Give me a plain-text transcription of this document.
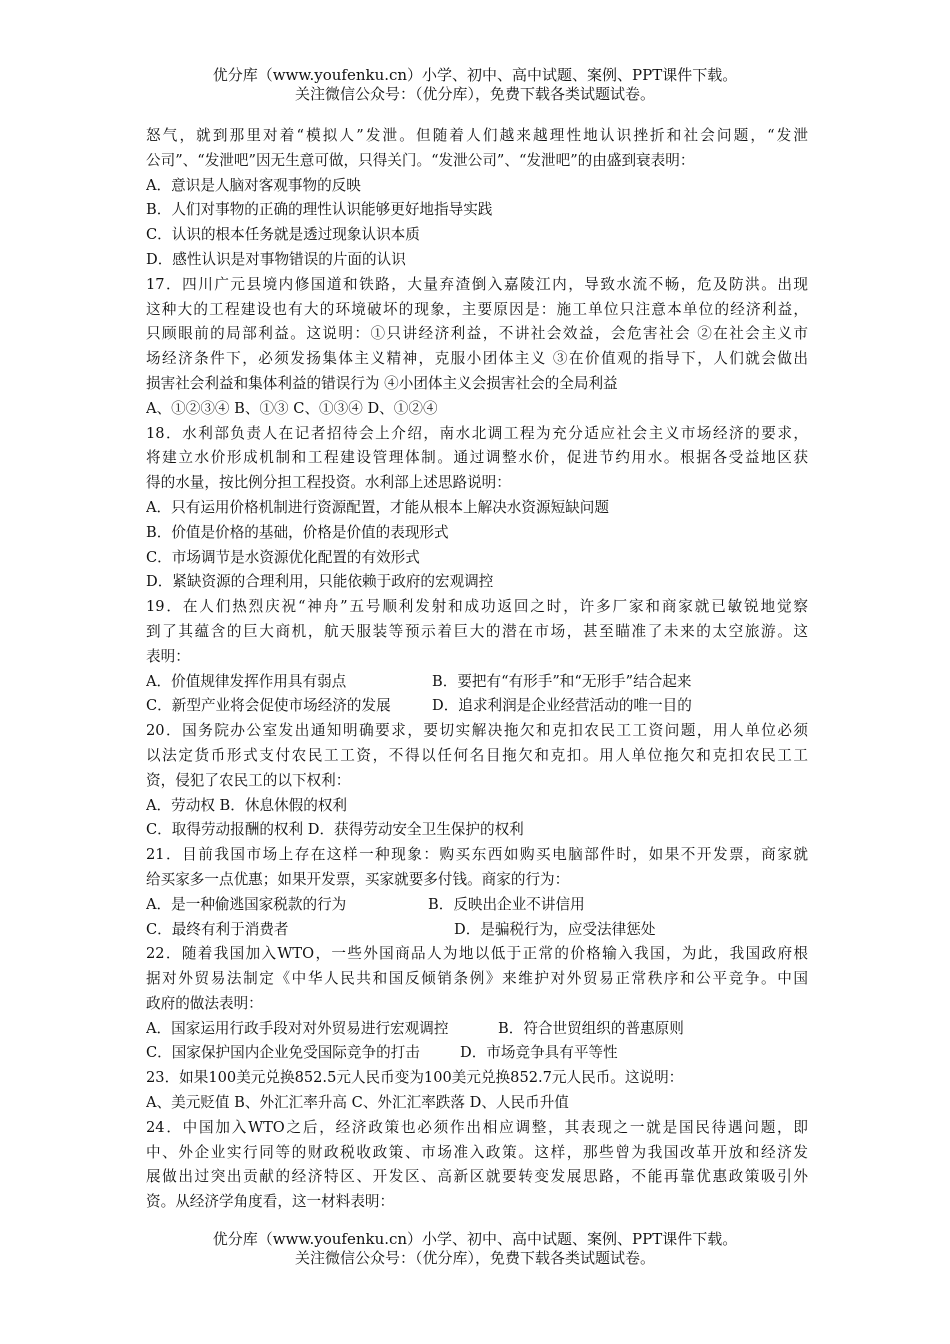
优分库（www.youfenku.cn）小学、初中、高中试题、案例、PPT课件下载。
关注微信公众号：（优分库），免费下载各类试题试卷。
怒气，就到那里对着“模拟人”发泄。但随着人们越来越理性地认识挫折和社会问题，“发泄
公司”、“发泄吧”因无生意可做，只得关门。“发泄公司”、“发泄吧”的由盛到衰表明：
A．意识是人脑对客观事物的反映
B．人们对事物的正确的理性认识能够更好地指导实践
C．认识的根本任务就是透过现象认识本质
D．感性认识是对事物错误的片面的认识
17．四川广元县境内修国道和铁路，大量弃渣倒入嘉陵江内，导致水流不畅，危及防洪。出现
这种大的工程建设也有大的环境破坏的现象，主要原因是：施工单位只注意本单位的经济利益，
只顾眼前的局部利益。这说明：①只讲经济利益，不讲社会效益，会危害社会 ②在社会主义市
场经济条件下，必须发扬集体主义精神，克服小团体主义 ③在价值观的指导下，人们就会做出
损害社会利益和集体利益的错误行为 ④小团体主义会损害社会的全局利益
A、①②③④ B、①③ C、①③④ D、①②④
18．水利部负责人在记者招待会上介绍，南水北调工程为充分适应社会主义市场经济的要求，
将建立水价形成机制和工程建设管理体制。通过调整水价，促进节约用水。根据各受益地区获
得的水量，按比例分担工程投资。水利部上述思路说明：
A．只有运用价格机制进行资源配置，才能从根本上解决水资源短缺问题
B．价值是价格的基础，价格是价值的表现形式
C．市场调节是水资源优化配置的有效形式
D．紧缺资源的合理利用，只能依赖于政府的宏观调控
19．在人们热烈庆祝“神舟”五号顺利发射和成功返回之时，许多厂家和商家就已敏锐地觉察
到了其蕴含的巨大商机，航天服装等预示着巨大的潜在市场，甚至瞄准了未来的太空旅游。这
表明：
A．价值规律发挥作用具有弱点	B．要把有“有形手”和“无形手”结合起来
C．新型产业将会促使市场经济的发展	D．追求利润是企业经营活动的唯一目的
20．国务院办公室发出通知明确要求，要切实解决拖欠和克扣农民工工资问题，用人单位必须
以法定货币形式支付农民工工资，不得以任何名目拖欠和克扣。用人单位拖欠和克扣农民工工
资，侵犯了农民工的以下权利：
A．劳动权 B．休息休假的权利
C．取得劳动报酬的权利 D．获得劳动安全卫生保护的权利
21．目前我国市场上存在这样一种现象：购买东西如购买电脑部件时，如果不开发票，商家就
给买家多一点优惠；如果开发票，买家就要多付钱。商家的行为：
A．是一种偷逃国家税款的行为	B．反映出企业不讲信用
C．最终有利于消费者	D．是骗税行为，应受法律惩处
22．随着我国加入WTO，一些外国商品人为地以低于正常的价格输入我国，为此，我国政府根
据对外贸易法制定《中华人民共和国反倾销条例》来维护对外贸易正常秩序和公平竞争。中国
政府的做法表明：
A．国家运用行政手段对对外贸易进行宏观调控	B．符合世贸组织的普惠原则
C．国家保护国内企业免受国际竞争的打击	D．市场竞争具有平等性
23．如果100美元兑换852.5元人民币变为100美元兑换852.7元人民币。这说明：
A、美元贬值 B、外汇汇率升高 C、外汇汇率跌落 D、人民币升值
24．中国加入WTO之后，经济政策也必须作出相应调整，其表现之一就是国民待遇问题，即
中、外企业实行同等的财政税收政策、市场准入政策。这样，那些曾为我国改革开放和经济发
展做出过突出贡献的经济特区、开发区、高新区就要转变发展思路，不能再靠优惠政策吸引外
资。从经济学角度看，这一材料表明：
优分库（www.youfenku.cn）小学、初中、高中试题、案例、PPT课件下载。
关注微信公众号：（优分库），免费下载各类试题试卷。
